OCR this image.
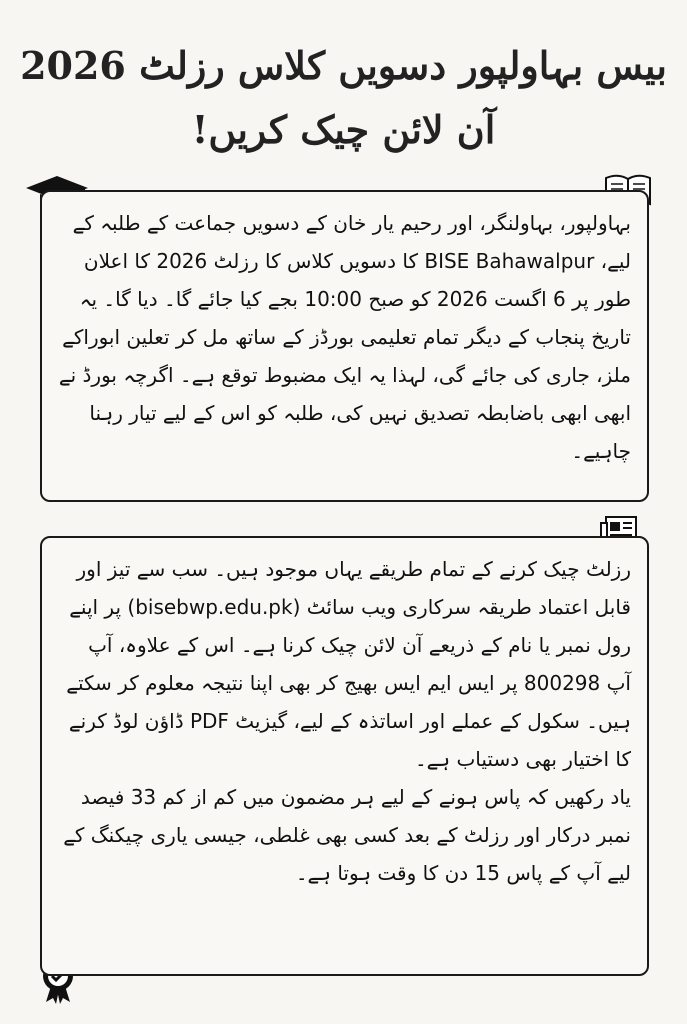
بیس بہاولپور دسویں کلاس رزلٹ 2026
آن لائن چیک کریں!

بہاولپور، بہاولنگر، اور رحیم یار خان کے دسویں جماعت کے طلبہ کے لیے، BISE Bahawalpur کا دسویں کلاس کا رزلٹ 2026 کا اعلان طور پر 6 اگست 2026 کو صبح 10:00 بجے کیا جائے گا۔ دیا گا۔ یہ تاریخ پنجاب کے دیگر تمام تعلیمی بورڈز کے ساتھ مل کر تعلین ابوراکے ملز، جاری کی جائے گی، لہذا یہ ایک مضبوط توقع ہے۔ اگرچہ بورڈ نے ابھی ابھی باضابطہ تصدیق نہیں کی، طلبہ کو اس کے لیے تیار رہنا چاہیے۔

رزلٹ چیک کرنے کے تمام طریقے یہاں موجود ہیں۔ سب سے تیز اور قابل اعتماد طریقہ سرکاری ویب سائٹ (bisebwp.edu.pk) پر اپنے رول نمبر یا نام کے ذریعے آن لائن چیک کرنا ہے۔ اس کے علاوہ، آپ آپ 800298 پر ایس ایم ایس بھیج کر بھی اپنا نتیجہ معلوم کر سکتے ہیں۔ سکول کے عملے اور اساتذہ کے لیے، گیزیٹ PDF ڈاؤن لوڈ کرنے کا اختیار بھی دستیاب ہے۔

یاد رکھیں کہ پاس ہونے کے لیے ہر مضمون میں کم از کم 33 فیصد نمبر درکار اور رزلٹ کے بعد کسی بھی غلطی، جیسی یاری چیکنگ کے لیے آپ کے پاس 15 دن کا وقت ہوتا ہے۔
